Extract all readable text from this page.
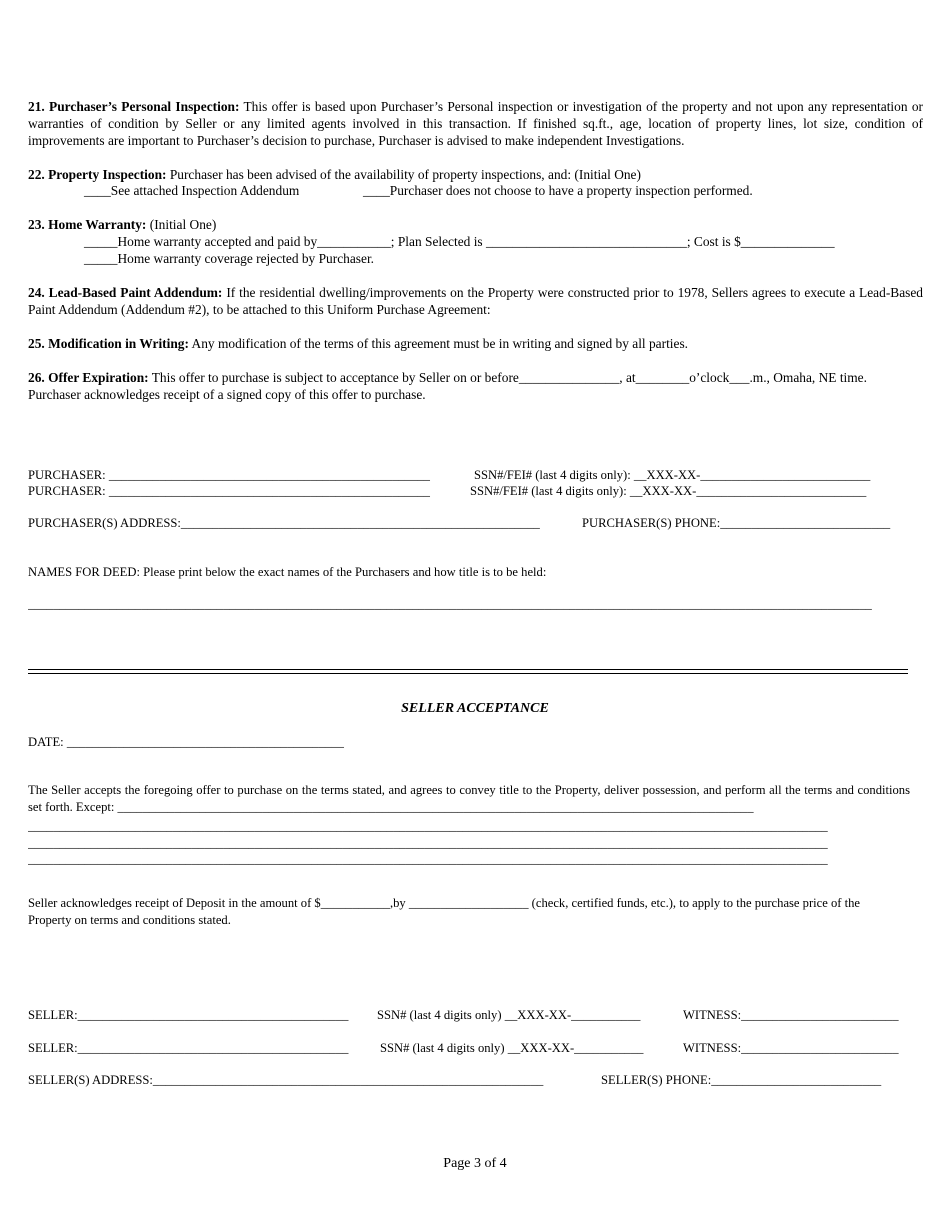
21. Purchaser’s Personal Inspection: This offer is based upon Purchaser’s Personal inspection or investigation of the property and not upon any representation or warranties of condition by Seller or any limited agents involved in this transaction. If finished sq.ft., age, location of property lines, lot size, condition of improvements are important to Purchaser’s decision to purchase, Purchaser is advised to make independent Investigations.
22. Property Inspection: Purchaser has been advised of the availability of property inspections, and: (Initial One)
____See attached Inspection Addendum	____Purchaser does not choose to have a property inspection performed.
23. Home Warranty: (Initial One)
_____Home warranty accepted and paid by___________; Plan Selected is ______________________________; Cost is $______________
_____Home warranty coverage rejected by Purchaser.
24. Lead-Based Paint Addendum: If the residential dwelling/improvements on the Property were constructed prior to 1978, Sellers agrees to execute a Lead-Based Paint Addendum (Addendum #2), to be attached to this Uniform Purchase Agreement:
25. Modification in Writing: Any modification of the terms of this agreement must be in writing and signed by all parties.
26. Offer Expiration: This offer to purchase is subject to acceptance by Seller on or before_______________, at________o’clock___.m., Omaha, NE time. Purchaser acknowledges receipt of a signed copy of this offer to purchase.
PURCHASER: ___________________________________________________	SSN#/FEI# (last 4 digits only): __XXX-XX-___________________________
PURCHASER: ___________________________________________________	SSN#/FEI# (last 4 digits only): __XXX-XX-___________________________
PURCHASER(S) ADDRESS:_________________________________________________________	PURCHASER(S) PHONE:___________________________
NAMES FOR DEED: Please print below the exact names of the Purchasers and how title is to be held:
______________________________________________________________________________________________________________________________________
SELLER ACCEPTANCE
DATE: ____________________________________________
The Seller accepts the foregoing offer to purchase on the terms stated, and agrees to convey title to the Property, deliver possession, and perform all the terms and conditions set forth. Except: _____________________________________________________________________________________________________
_______________________________________________________________________________________________________________________________
_______________________________________________________________________________________________________________________________
_______________________________________________________________________________________________________________________________
Seller acknowledges receipt of Deposit in the amount of $___________,by ___________________ (check, certified funds, etc.), to apply to the purchase price of the Property on terms and conditions stated.
SELLER:___________________________________________ SSN# (last 4 digits only) __XXX-XX-___________	WITNESS:_________________________
SELLER:___________________________________________	SSN# (last 4 digits only) __XXX-XX-___________	WITNESS:_________________________
SELLER(S) ADDRESS:______________________________________________________________	SELLER(S) PHONE:___________________________
Page 3 of 4
